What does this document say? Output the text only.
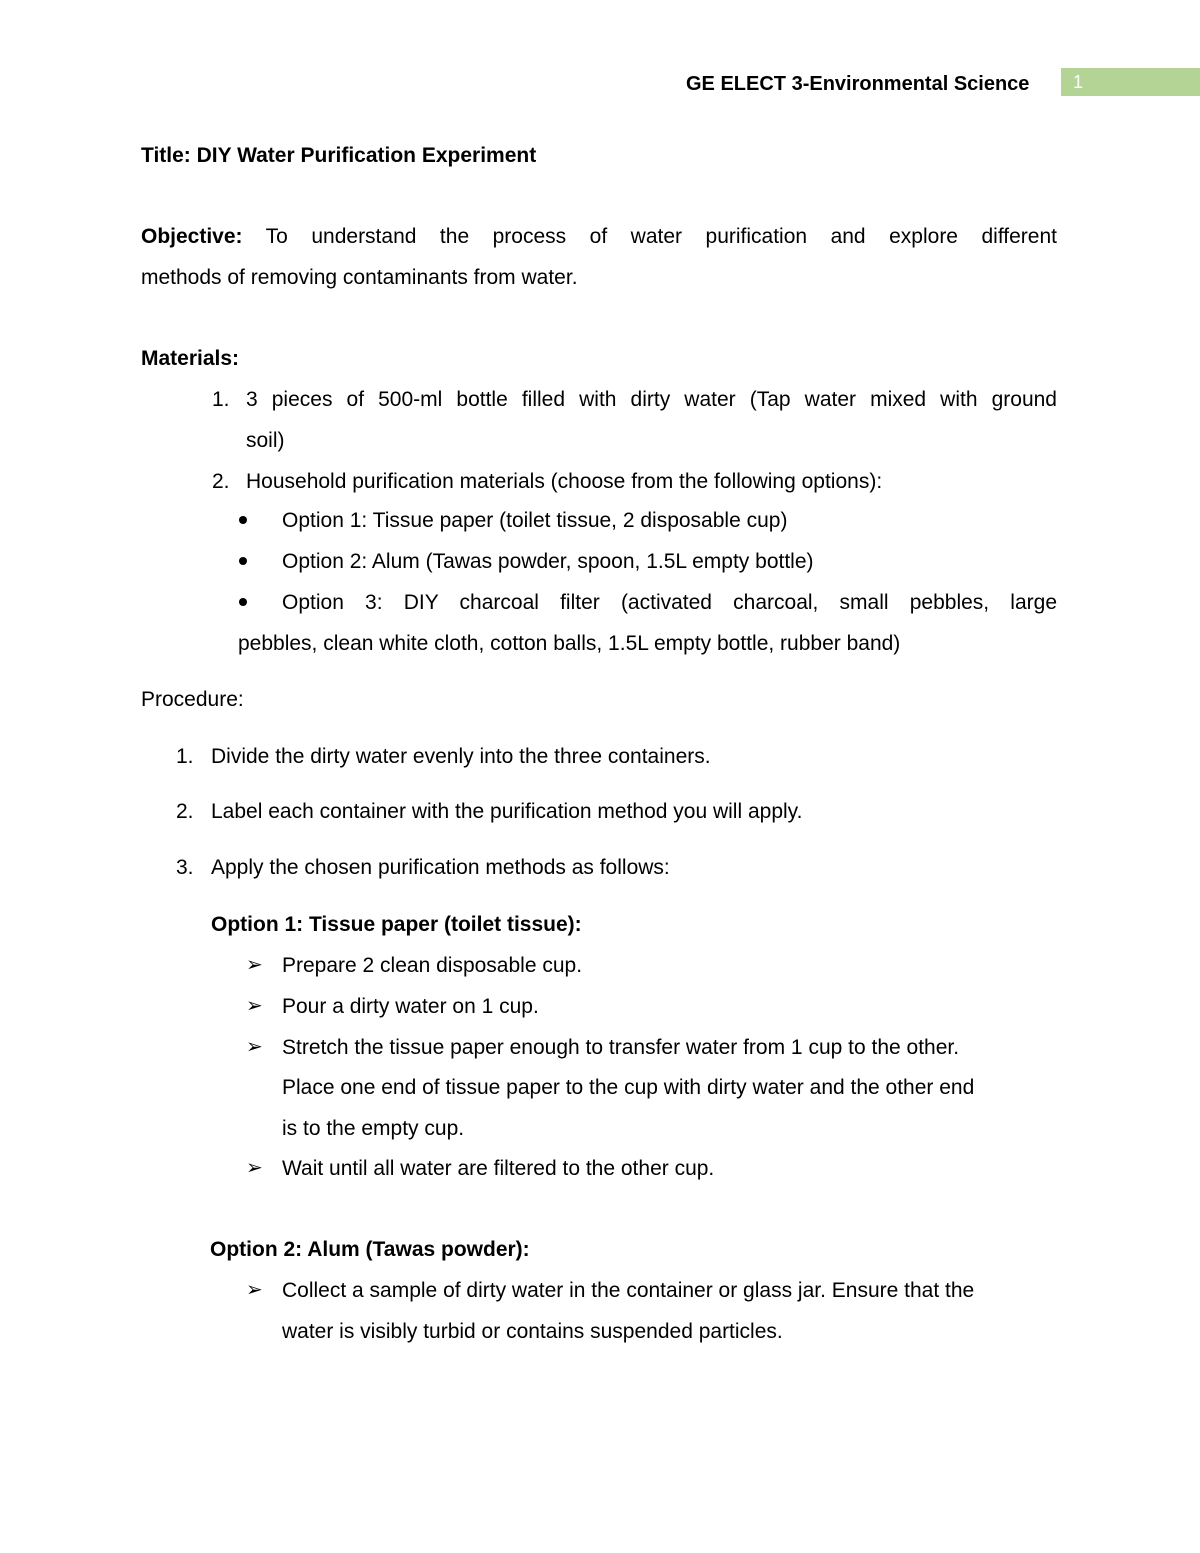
GE ELECT 3-Environmental Science	1
Title: DIY Water Purification Experiment
Objective: To understand the process of water purification and explore different
methods of removing contaminants from water.
Materials:
1. 3 pieces of 500-ml bottle filled with dirty water (Tap water mixed with ground
soil)
2. Household purification materials (choose from the following options):
Option 1: Tissue paper (toilet tissue, 2 disposable cup)
Option 2: Alum (Tawas powder, spoon, 1.5L empty bottle)
Option 3: DIY charcoal filter (activated charcoal, small pebbles, large
pebbles, clean white cloth, cotton balls, 1.5L empty bottle, rubber band)
Procedure:
1. Divide the dirty water evenly into the three containers.
2. Label each container with the purification method you will apply.
3. Apply the chosen purification methods as follows:
Option 1: Tissue paper (toilet tissue):
➢ Prepare 2 clean disposable cup.
➢ Pour a dirty water on 1 cup.
➢ Stretch the tissue paper enough to transfer water from 1 cup to the other.
Place one end of tissue paper to the cup with dirty water and the other end
is to the empty cup.
➢ Wait until all water are filtered to the other cup.
Option 2: Alum (Tawas powder):
➢ Collect a sample of dirty water in the container or glass jar. Ensure that the
water is visibly turbid or contains suspended particles.
